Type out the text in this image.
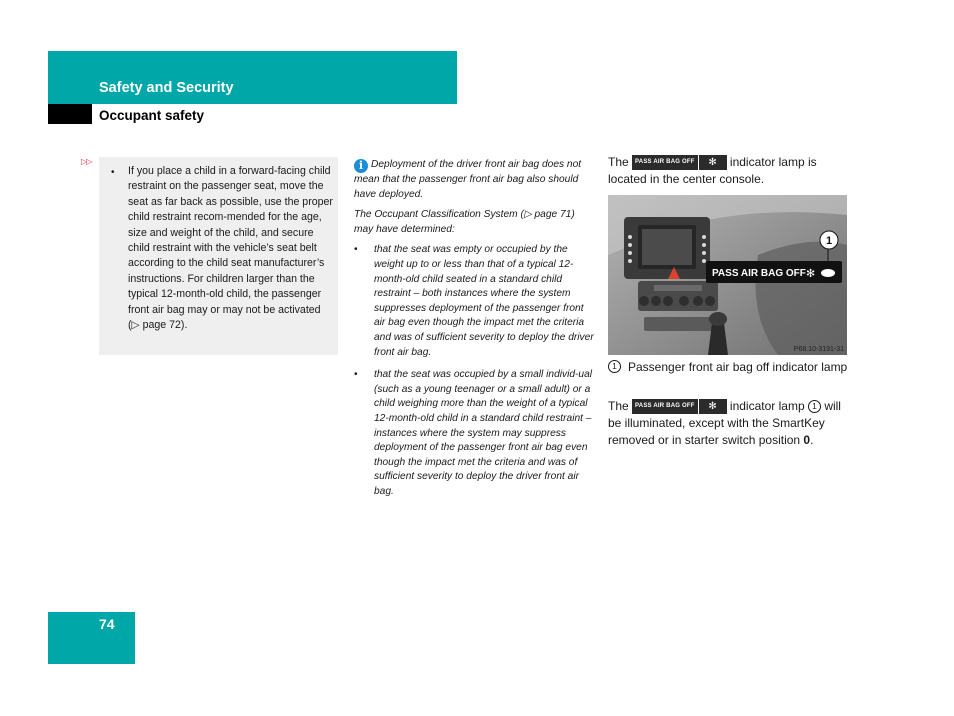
Safety and Security
Occupant safety
▷▷
• If you place a child in a forward-facing child restraint on the passenger seat, move the seat as far back as possible, use the proper child restraint recom-mended for the age, size and weight of the child, and secure child restraint with the vehicle’s seat belt according to the child seat manufacturer’s instructions. For children larger than the typical 12-month-old child, the passenger front air bag may or may not be activated (▷ page 72).

i Deployment of the driver front air bag does not mean that the passenger front air bag also should have deployed.

The Occupant Classification System (▷ page 71) may have determined:

• that the seat was empty or occupied by the weight up to or less than that of a typical 12-month-old child seated in a standard child restraint – both instances where the system suppresses deployment of the passenger front air bag even though the impact met the criteria and was of sufficient severity to deploy the driver front air bag.
• that the seat was occupied by a small individ-ual (such as a young teenager or a small adult) or a child weighing more than the weight of a typical 12-month-old child in a standard child restraint – instances where the system may suppress deployment of the passenger front air bag even though the impact met the criteria and was of sufficient severity to deploy the driver front air bag.
The PASS AIR BAG OFF ✻ indicator lamp is located in the center console.
PASS AIR BAG OFF ✻
1
P68.10-3191-31
1 Passenger front air bag off indicator lamp
The PASS AIR BAG OFF ✻ indicator lamp 1 will be illuminated, except with the SmartKey removed or in starter switch position 0.
74
